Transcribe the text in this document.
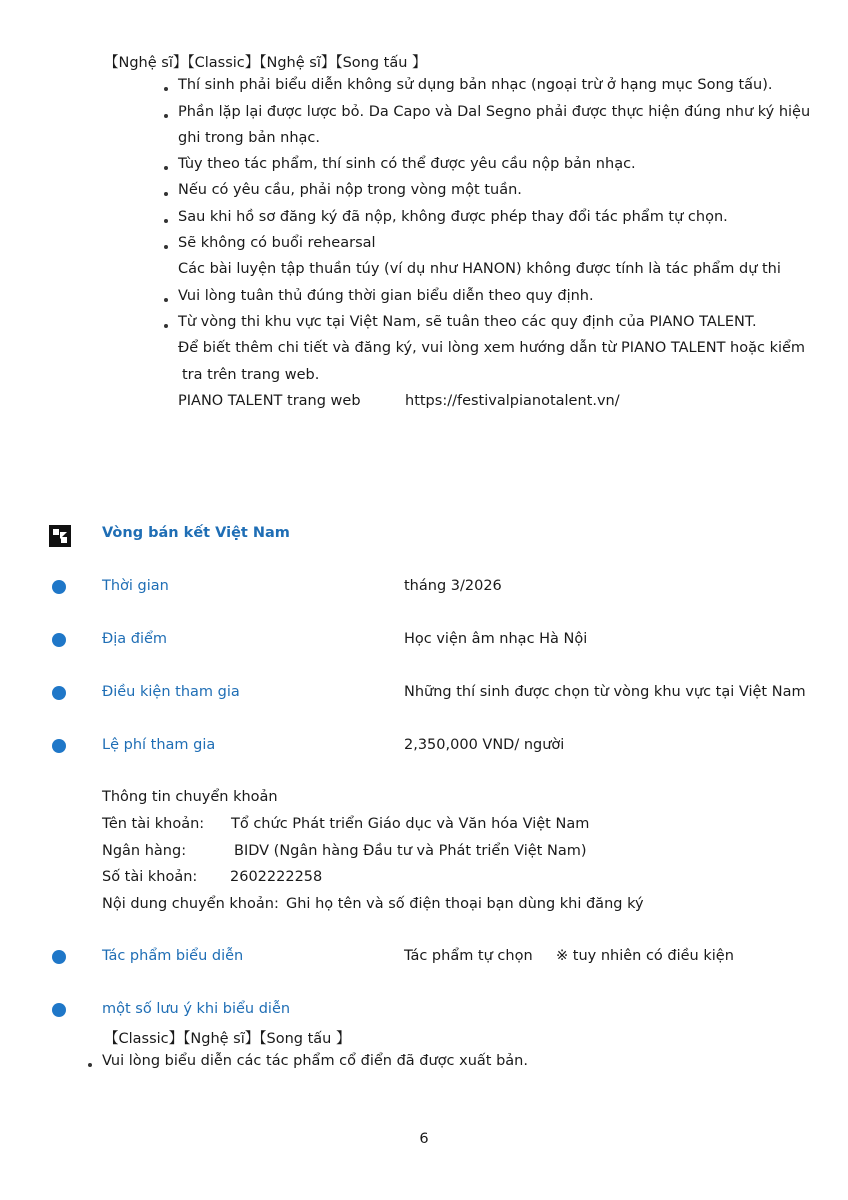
【Nghệ sĩ】【Classic】【Nghệ sĩ】【Song tấu 】
Thí sinh phải biểu diễn không sử dụng bản nhạc (ngoại trừ ở hạng mục Song tấu).
Phần lặp lại được lược bỏ. Da Capo và Dal Segno phải được thực hiện đúng như ký hiệu
ghi trong bản nhạc.
Tùy theo tác phẩm, thí sinh có thể được yêu cầu nộp bản nhạc.
Nếu có yêu cầu, phải nộp trong vòng một tuần.
Sau khi hồ sơ đăng ký đã nộp, không được phép thay đổi tác phẩm tự chọn.
Sẽ không có buổi rehearsal
Các bài luyện tập thuần túy (ví dụ như HANON) không được tính là tác phẩm dự thi
Vui lòng tuân thủ đúng thời gian biểu diễn theo quy định.
Từ vòng thi khu vực tại Việt Nam, sẽ tuân theo các quy định của PIANO TALENT.
Để biết thêm chi tiết và đăng ký, vui lòng xem hướng dẫn từ PIANO TALENT hoặc kiểm
tra trên trang web.
PIANO TALENT trang web	https://festivalpianotalent.vn/
Vòng bán kết Việt Nam
Thời gian	tháng 3/2026
Địa điểm	Học viện âm nhạc Hà Nội
Điều kiện tham gia	Những thí sinh được chọn từ vòng khu vực tại Việt Nam
Lệ phí tham gia	2,350,000 VND/ người
Thông tin chuyển khoản
Tên tài khoản: Tổ chức Phát triển Giáo dục và Văn hóa Việt Nam
Ngân hàng:	BIDV (Ngân hàng Đầu tư và Phát triển Việt Nam)
Số tài khoản: 2602222258
Nội dung chuyển khoản: Ghi họ tên và số điện thoại bạn dùng khi đăng ký
Tác phẩm biểu diễn	Tác phẩm tự chọn ※ tuy nhiên có điều kiện
một số lưu ý khi biểu diễn
【Classic】【Nghệ sĩ】【Song tấu 】
Vui lòng biểu diễn các tác phẩm cổ điển đã được xuất bản.
6
